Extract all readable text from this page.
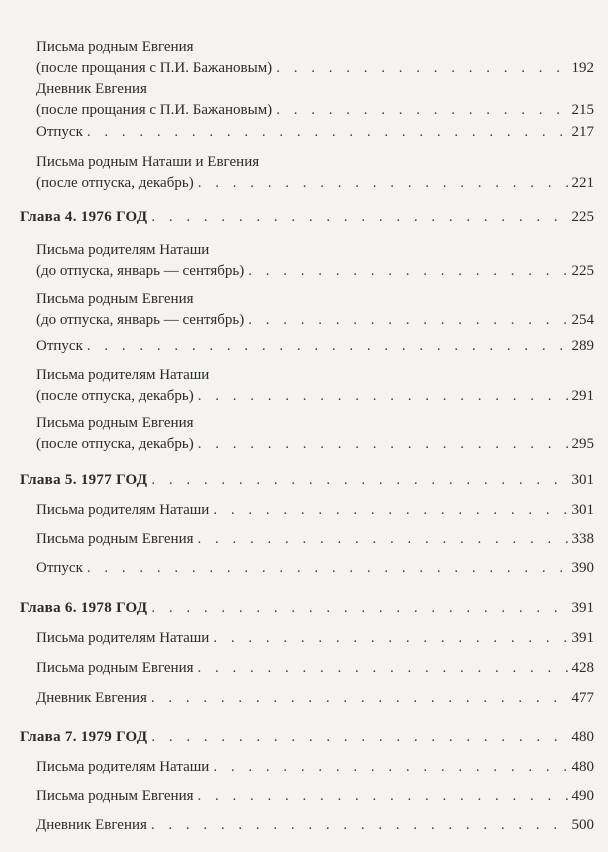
Письма родным Евгения
(после прощания с П.И. Бажановым) . . .	192
Дневник Евгения
(после прощания с П.И. Бажановым) . . .	215
Отпуск . . .	217
Письма родным Наташи и Евгения
(после отпуска, декабрь) . . .	221
Глава 4. 1976 ГОД . . .	225
Письма родителям Наташи
(до отпуска, январь — сентябрь) . . .	225
Письма родным Евгения
(до отпуска, январь — сентябрь) . . .	254
Отпуск . . .	289
Письма родителям Наташи
(после отпуска, декабрь) . . .	291
Письма родным Евгения
(после отпуска, декабрь) . . .	295
Глава 5. 1977 ГОД . . .	301
Письма родителям Наташи . . .	301
Письма родным Евгения . . .	338
Отпуск . . .	390
Глава 6. 1978 ГОД . . .	391
Письма родителям Наташи . . .	391
Письма родным Евгения . . .	428
Дневник Евгения . . .	477
Глава 7. 1979 ГОД . . .	480
Письма родителям Наташи . . .	480
Письма родным Евгения . . .	490
Дневник Евгения . . .	500
